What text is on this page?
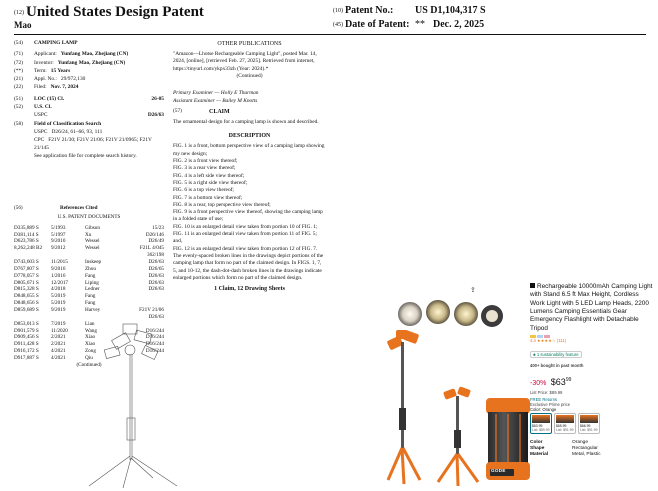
(12) United States Design Patent
Mao
(10) Patent No.: US D1,104,317 S
(45) Date of Patent: ** Dec. 2, 2025
(54) CAMPING LAMP
(71) Applicant: Yunfang Mao, Zhejiang (CN)
(72) Inventor: Yunfang Mao, Zhejiang (CN)
(**) Term: 15 Years
(21) Appl. No.: 29/972,130
(22) Filed: Nov. 7, 2024
(51) LOC (15) Cl.	26-05
(52) U.S. Cl.
USPC	D26/63
(58) Field of Classification Search
USPC D26/24, 61–66, 93, 111
CPC F21V 21/30; F21V 21/06; F21V 21/0965; F21V 21/145
See application file for complete search history.
OTHER PUBLICATIONS
"Amazon—Lhotse Rechargeable Camping Light", posted Mar. 14, 2024, [online], [retrieved Feb. 27, 2025]. Retrieved from internet, https://tinyurl.com/ykpx33zh (Year: 2024).*
(Continued)
Primary Examiner — Holly E Thurman
Assistant Examiner — Bailey M Knotts
(57)	CLAIM
The ornamental design for a camping lamp is shown and described.
DESCRIPTION
FIG. 1 is a front, bottom perspective view of a camping lamp showing my new design;
FIG. 2 is a front view thereof;
FIG. 3 is a rear view thereof;
FIG. 4 is a left side view thereof;
FIG. 5 is a right side view thereof;
FIG. 6 is a top view thereof;
FIG. 7 is a bottom view thereof;
FIG. 8 is a rear, top perspective view thereof;
FIG. 9 is a front perspective view thereof, showing the camping lamp in a folded state of use;
FIG. 10 is an enlarged detail view taken from portion 10 of FIG. 1;
FIG. 11 is an enlarged detail view taken from portion 11 of FIG. 5; and,
FIG. 12 is an enlarged detail view taken from portion 12 of FIG. 7.
The evenly-spaced broken lines in the drawings depict portions of the camping lamp that form no part of the claimed design. In FIGS. 1, 7, 5, and 10-12, the dash-dot-dash broken lines in the drawings indicate enlarged portions which form no part of the claimed design.
1 Claim, 12 Drawing Sheets
(56)	References Cited
U.S. PATENT DOCUMENTS
D335,889 S	5/1993	Gibson	15/23
D381,114 S	5/1997	Xu	D26/146
D623,786 S	9/2010	Wessel	D26/49
8,262,248 B2	9/2012	Wessel	F21L 4/045
362/198
D743,603 S	11/2015	Inskeep	D26/63
D767,807 S	9/2016	Zhou	D26/65
D778,057 S	1/2016	Fang	D26/63
D805,671 S	12/2017	Liping	D26/63
D815,328 S	4/2018	Ledner	D26/63
D848,655 S	5/2019	Fang
D848,656 S	5/2019	Fang
D859,689 S	9/2019	Harvey	F21V 21/06
D26/63
D853,013 S	7/2019	Lian
D901,579 S	11/2020	Wang	D16/244
D909,456 S	2/2021	Xiao	D16/244
D911,428 S	2/2021	Xiao	D16/244
D916,172 S	4/2021	Zong	D16/244
D917,887 S	4/2021	Qiu
(Continued)
⇪
GODE
Rechargeable 10000mAh Camping Light with Stand 6.5 ft Max Height, Cordless Work Light with 5 LED Lamp Heads, 2200 Lumens Camping Essentials Gear Emergency Flashlight with Detachable Tripod
4.4 ★★★★☆ (111)
♣ 1 sustainability feature
400+ bought in past month
-30% $\$63^{99}$
List Price: $89.99
FREE Returns
Exclusive Prime price
Color: Orange
$63.99
List: $89.99
$65.99
List: $91.99
$66.99
List: $91.99
Color	Orange
Shape	Rectangular
Material	Metal, Plastic
